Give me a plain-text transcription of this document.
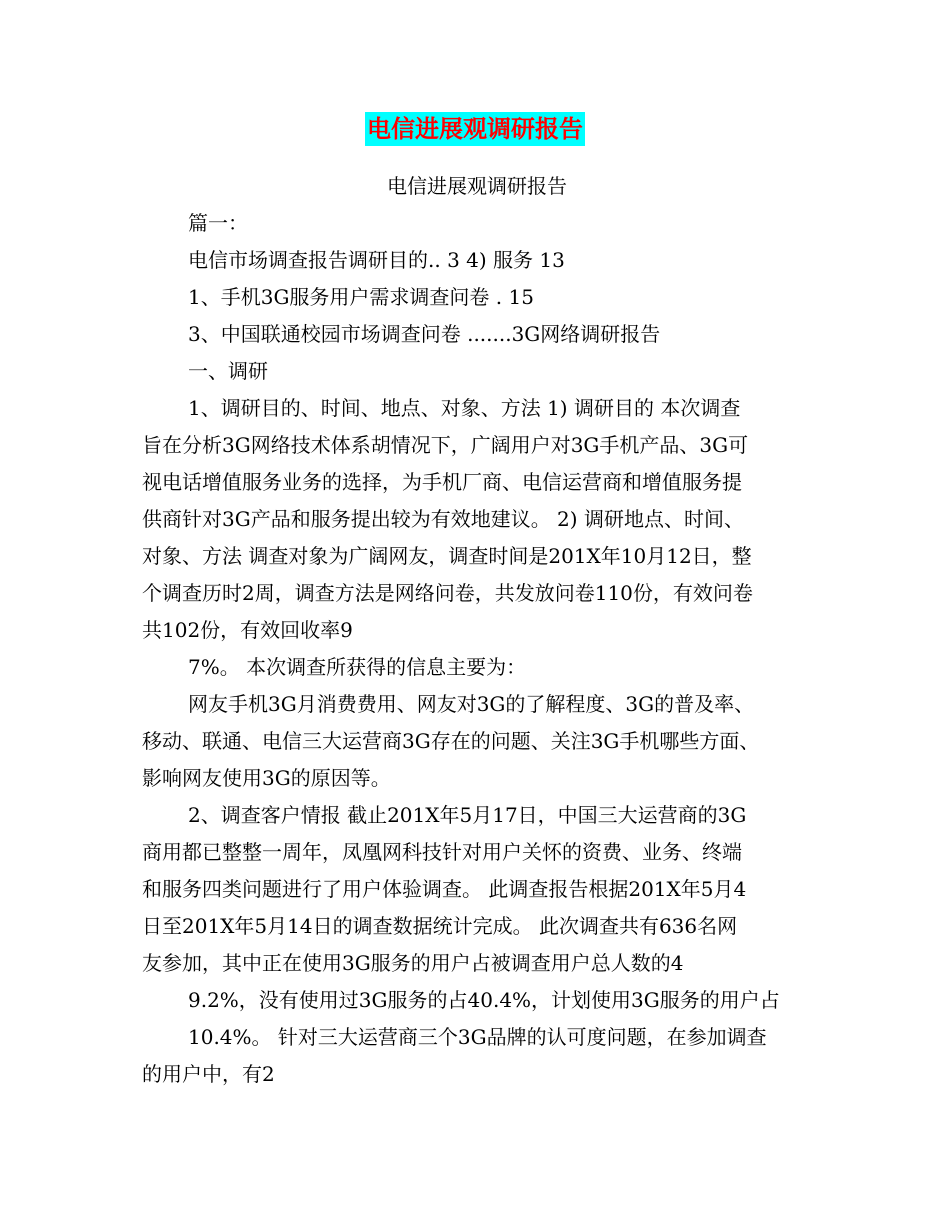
电信进展观调研报告
电信进展观调研报告
篇一：
电信市场调查报告调研目的.. 3 4) 服务 13
1、手机3G服务用户需求调查问卷 . 15
3、中国联通校园市场调查问卷 .......3G网络调研报告
一、调研
1、调研目的、时间、地点、对象、方法 1) 调研目的 本次调查
旨在分析3G网络技术体系胡情况下，广阔用户对3G手机产品、3G可
视电话增值服务业务的选择，为手机厂商、电信运营商和增值服务提
供商针对3G产品和服务提出较为有效地建议。 2) 调研地点、时间、
对象、方法 调查对象为广阔网友，调查时间是201X年10月12日，整
个调查历时2周，调查方法是网络问卷，共发放问卷110份，有效问卷
共102份，有效回收率9
7%。 本次调查所获得的信息主要为：
网友手机3G月消费费用、网友对3G的了解程度、3G的普及率、
移动、联通、电信三大运营商3G存在的问题、关注3G手机哪些方面、
影响网友使用3G的原因等。
2、调查客户情报 截止201X年5月17日，中国三大运营商的3G
商用都已整整一周年，凤凰网科技针对用户关怀的资费、业务、终端
和服务四类问题进行了用户体验调查。 此调查报告根据201X年5月4
日至201X年5月14日的调查数据统计完成。 此次调查共有636名网
友参加，其中正在使用3G服务的用户占被调查用户总人数的4
9.2%，没有使用过3G服务的占40.4%，计划使用3G服务的用户占
10.4%。 针对三大运营商三个3G品牌的认可度问题，在参加调查
的用户中，有2
